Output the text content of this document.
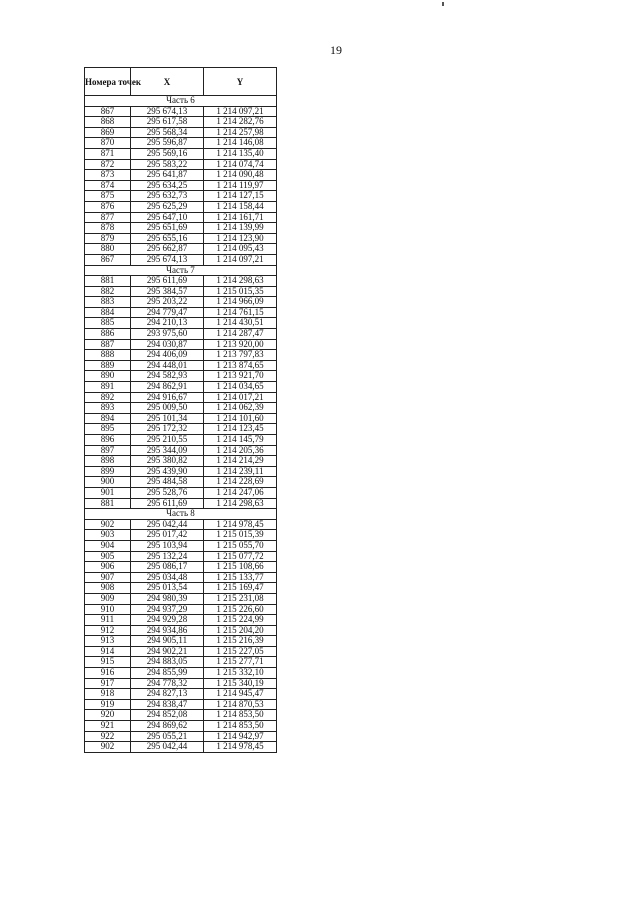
19
Номера точек	X	Y
Часть 6		
867	295 674,13	1 214 097,21
868	295 617,58	1 214 282,76
869	295 568,34	1 214 257,98
870	295 596,87	1 214 146,08
871	295 569,16	1 214 135,40
872	295 583,22	1 214 074,74
873	295 641,87	1 214 090,48
874	295 634,25	1 214 119,97
875	295 632,73	1 214 127,15
876	295 625,29	1 214 158,44
877	295 647,10	1 214 161,71
878	295 651,69	1 214 139,99
879	295 655,16	1 214 123,90
880	295 662,87	1 214 095,43
867	295 674,13	1 214 097,21
Часть 7		
881	295 611,69	1 214 298,63
882	295 384,57	1 215 015,35
883	295 203,22	1 214 966,09
884	294 779,47	1 214 761,15
885	294 210,13	1 214 430,51
886	293 975,60	1 214 287,47
887	294 030,87	1 213 920,00
888	294 406,09	1 213 797,83
889	294 448,01	1 213 874,65
890	294 582,93	1 213 921,70
891	294 862,91	1 214 034,65
892	294 916,67	1 214 017,21
893	295 009,50	1 214 062,39
894	295 101,34	1 214 101,60
895	295 172,32	1 214 123,45
896	295 210,55	1 214 145,79
897	295 344,09	1 214 205,36
898	295 380,82	1 214 214,29
899	295 439,90	1 214 239,11
900	295 484,58	1 214 228,69
901	295 528,76	1 214 247,06
881	295 611,69	1 214 298,63
Часть 8		
902	295 042,44	1 214 978,45
903	295 017,42	1 215 015,39
904	295 103,94	1 215 055,70
905	295 132,24	1 215 077,72
906	295 086,17	1 215 108,66
907	295 034,48	1 215 133,77
908	295 013,54	1 215 169,47
909	294 980,39	1 215 231,08
910	294 937,29	1 215 226,60
911	294 929,28	1 215 224,99
912	294 934,86	1 215 204,20
913	294 905,11	1 215 216,39
914	294 902,21	1 215 227,05
915	294 883,05	1 215 277,71
916	294 855,99	1 215 332,10
917	294 778,32	1 215 340,19
918	294 827,13	1 214 945,47
919	294 838,47	1 214 870,53
920	294 852,08	1 214 853,50
921	294 869,62	1 214 853,50
922	295 055,21	1 214 942,97
902	295 042,44	1 214 978,45
